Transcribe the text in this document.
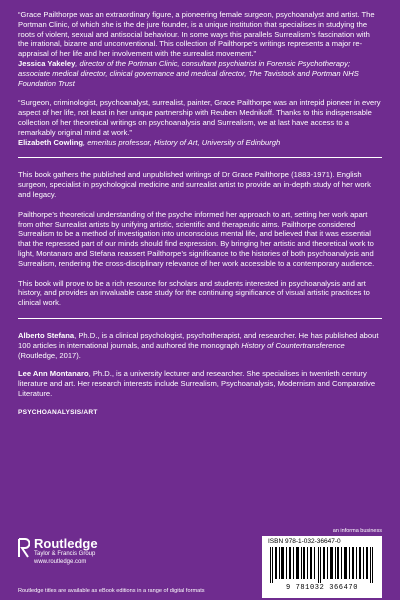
“Grace Pailthorpe was an extraordinary figure, a pioneering female surgeon, psychoanalyst and artist. The Portman Clinic, of which she is the de jure founder, is a unique institution that specialises in studying the roots of violent, sexual and antisocial behaviour. In some ways this parallels Surrealism’s fascination with the irrational, bizarre and unconventional. This collection of Pailthorpe’s writings represents a major re-appraisal of her life and her involvement with the surrealist movement.”

Jessica Yakeley, director of the Portman Clinic, consultant psychiatrist in Forensic Psychotherapy; associate medical director, clinical governance and medical director, The Tavistock and Portman NHS Foundation Trust

“Surgeon, criminologist, psychoanalyst, surrealist, painter, Grace Pailthorpe was an intrepid pioneer in every aspect of her life, not least in her unique partnership with Reuben Mednikoff. Thanks to this indispensable collection of her theoretical writings on psychoanalysis and Surrealism, we at last have access to a remarkably original mind at work.”

Elizabeth Cowling, emeritus professor, History of Art, University of Edinburgh

This book gathers the published and unpublished writings of Dr Grace Pailthorpe (1883-1971). English surgeon, specialist in psychological medicine and surrealist artist to provide an in-depth study of her work and legacy.

Pailthorpe’s theoretical understanding of the psyche informed her approach to art, setting her work apart from other Surrealist artists by unifying artistic, scientific and therapeutic aims. Pailthorpe considered Surrealism to be a method of investigation into unconscious mental life, and believed that it was essential that the repressed part of our minds should find expression. By bringing her artistic and theoretical work to light, Montanaro and Stefana reassert Pailthorpe’s significance to the histories of both psychoanalysis and Surrealism, rendering the cross-disciplinary relevance of her work accessible to a contemporary audience.

This book will prove to be a rich resource for scholars and students interested in psychoanalysis and art history, and provides an invaluable case study for the continuing significance of visual artistic practices to clinical work.

Alberto Stefana, Ph.D., is a clinical psychologist, psychotherapist, and researcher. He has published about 100 articles in international journals, and authored the monograph History of Countertransference (Routledge, 2017).

Lee Ann Montanaro, Ph.D., is a university lecturer and researcher. She specialises in twentieth century literature and art. Her research interests include Surrealism, Psychoanalysis, Modernism and Comparative Literature.

PSYCHOANALYSIS/ART

Routledge
Taylor & Francis Group
www.routledge.com
Routledge titles are available as eBook editions in a range of digital formats
an informa business
ISBN 978-1-032-36647-0
9 781032 366470
